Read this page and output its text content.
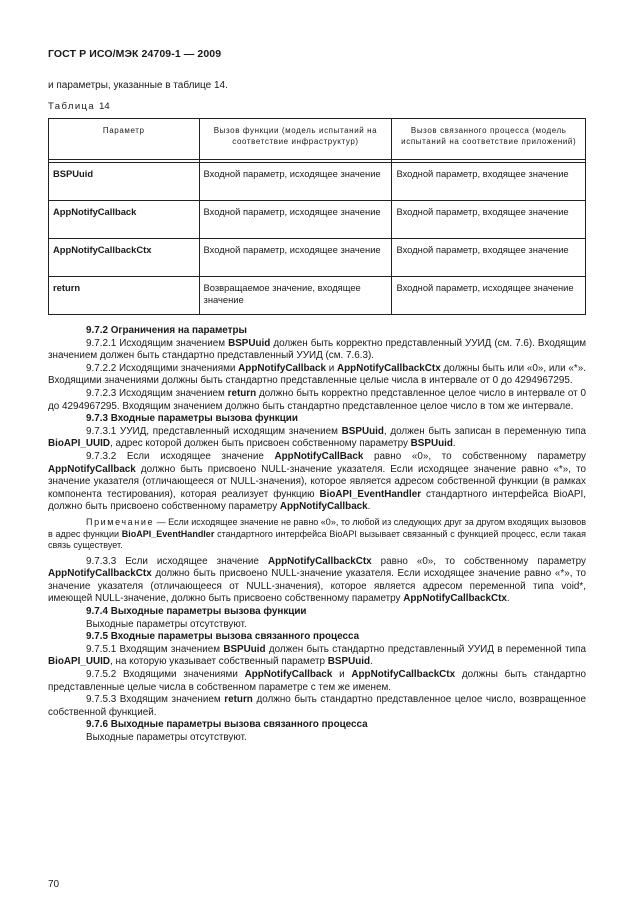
ГОСТ Р ИСО/МЭК 24709-1 — 2009
и параметры, указанные в таблице 14.
Таблица 14
Параметр	Вызов функции (модель испытаний на соответствие инфраструктур)	Вызов связанного процесса (модель испытаний на соответствие приложений)

BSPUuid	Входной параметр, исходящее значение	Входной параметр, входящее значение
AppNotifyCallback	Входной параметр, исходящее значение	Входной параметр, входящее значение
AppNotifyCallbackCtx	Входной параметр, исходящее значение	Входной параметр, входящее значение
return	Возвращаемое значение, входящее значение	Входной параметр, исходящее значение

9.7.2 Ограничения на параметры

9.7.2.1 Исходящим значением BSPUuid должен быть корректно представленный УУИД (см. 7.6). Входящим значением должен быть стандартно представленный УУИД (см. 7.6.3).

9.7.2.2 Исходящими значениями AppNotifyCallback и AppNotifyCallbackCtx должны быть или «0», или «*». Входящими значениями должны быть стандартно представленные целые числа в интервале от 0 до 4294967295.

9.7.2.3 Исходящим значением return должно быть корректно представленное целое число в интервале от 0 до 4294967295. Входящим значением должно быть стандартно представленное целое число в том же интервале.

9.7.3 Входные параметры вызова функции

9.7.3.1 УУИД, представленный исходящим значением BSPUuid, должен быть записан в переменную типа BioAPI_UUID, адрес которой должен быть присвоен собственному параметру BSPUuid.

9.7.3.2 Если исходящее значение AppNotifyCallBack равно «0», то собственному параметру AppNotifyCallback должно быть присвоено NULL-значение указателя. Если исходящее значение равно «*», то значение указателя (отличающееся от NULL-значения), которое является адресом собственной функции (в рамках компонента тестирования), которая реализует функцию BioAPI_EventHandler стандартного интерфейса BioAPI, должно быть присвоено собственному параметру AppNotifyCallback.

Примечание — Если исходящее значение не равно «0», то любой из следующих друг за другом входящих вызовов в адрес функции BioAPI_EventHandler стандартного интерфейса BioAPI вызывает связанный с функцией процесс, если такая связь существует.

9.7.3.3 Если исходящее значение AppNotifyCallbackCtx равно «0», то собственному параметру AppNotifyCallbackCtx должно быть присвоено NULL-значение указателя. Если исходящее значение равно «*», то значение указателя (отличающееся от NULL-значения), которое является адресом переменной типа void*, имеющей NULL-значение, должно быть присвоено собственному параметру AppNotifyCallbackCtx.

9.7.4 Выходные параметры вызова функции

Выходные параметры отсутствуют.

9.7.5 Входные параметры вызова связанного процесса

9.7.5.1 Входящим значением BSPUuid должен быть стандартно представленный УУИД в переменной типа BioAPI_UUID, на которую указывает собственный параметр BSPUuid.

9.7.5.2 Входящими значениями AppNotifyCallback и AppNotifyCallbackCtx должны быть стандартно представленные целые числа в собственном параметре с тем же именем.

9.7.5.3 Входящим значением return должно быть стандартно представленное целое число, возвращенное собственной функцией.

9.7.6 Выходные параметры вызова связанного процесса

Выходные параметры отсутствуют.

70
